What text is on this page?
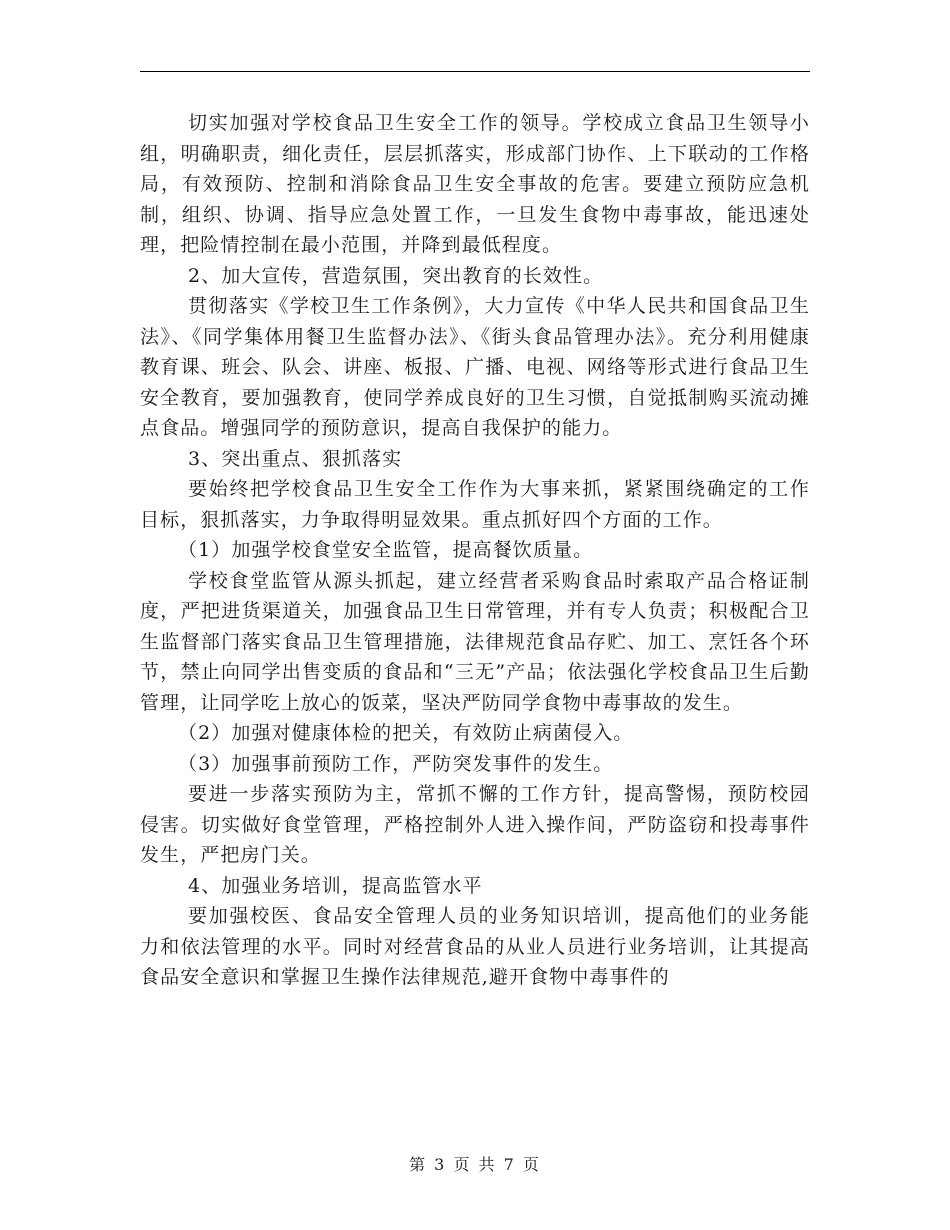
切实加强对学校食品卫生安全工作的领导。学校成立食品卫生领导小组，明确职责，细化责任，层层抓落实，形成部门协作、上下联动的工作格局，有效预防、控制和消除食品卫生安全事故的危害。要建立预防应急机制，组织、协调、指导应急处置工作，一旦发生食物中毒事故，能迅速处理，把险情控制在最小范围，并降到最低程度。

2、加大宣传，营造氛围，突出教育的长效性。

贯彻落实《学校卫生工作条例》，大力宣传《中华人民共和国食品卫生法》、《同学集体用餐卫生监督办法》、《街头食品管理办法》。充分利用健康教育课、班会、队会、讲座、板报、广播、电视、网络等形式进行食品卫生安全教育，要加强教育，使同学养成良好的卫生习惯，自觉抵制购买流动摊点食品。增强同学的预防意识，提高自我保护的能力。

3、突出重点、狠抓落实

要始终把学校食品卫生安全工作作为大事来抓，紧紧围绕确定的工作目标，狠抓落实，力争取得明显效果。重点抓好四个方面的工作。

（1）加强学校食堂安全监管，提高餐饮质量。

学校食堂监管从源头抓起，建立经营者采购食品时索取产品合格证制度，严把进货渠道关，加强食品卫生日常管理，并有专人负责；积极配合卫生监督部门落实食品卫生管理措施，法律规范食品存贮、加工、烹饪各个环节，禁止向同学出售变质的食品和“三无”产品；依法强化学校食品卫生后勤管理，让同学吃上放心的饭菜，坚决严防同学食物中毒事故的发生。

（2）加强对健康体检的把关，有效防止病菌侵入。

（3）加强事前预防工作，严防突发事件的发生。

要进一步落实预防为主，常抓不懈的工作方针，提高警惕，预防校园侵害。切实做好食堂管理，严格控制外人进入操作间，严防盗窃和投毒事件发生，严把房门关。

4、加强业务培训，提高监管水平

要加强校医、食品安全管理人员的业务知识培训，提高他们的业务能力和依法管理的水平。同时对经营食品的从业人员进行业务培训，让其提高食品安全意识和掌握卫生操作法律规范,避开食物中毒事件的

第 3 页 共 7 页
